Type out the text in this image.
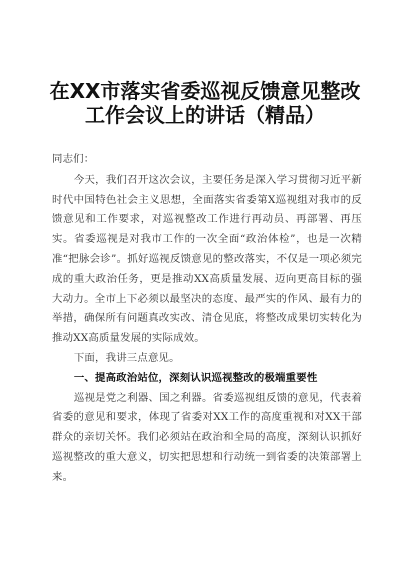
在XX市落实省委巡视反馈意见整改工作会议上的讲话（精品）

同志们：

今天，我们召开这次会议，主要任务是深入学习贯彻习近平新时代中国特色社会主义思想，全面落实省委第X巡视组对我市的反馈意见和工作要求，对巡视整改工作进行再动员、再部署、再压实。省委巡视是对我市工作的一次全面“政治体检”，也是一次精准“把脉会诊”。抓好巡视反馈意见的整改落实，不仅是一项必须完成的重大政治任务，更是推动XX高质量发展、迈向更高目标的强大动力。全市上下必须以最坚决的态度、最严实的作风、最有力的举措，确保所有问题真改实改、清仓见底，将整改成果切实转化为推动XX高质量发展的实际成效。

下面，我讲三点意见。

一、提高政治站位，深刻认识巡视整改的极端重要性

巡视是党之利器、国之利器。省委巡视组反馈的意见，代表着省委的意见和要求，体现了省委对XX工作的高度重视和对XX干部群众的亲切关怀。我们必须站在政治和全局的高度，深刻认识抓好巡视整改的重大意义，切实把思想和行动统一到省委的决策部署上来。
